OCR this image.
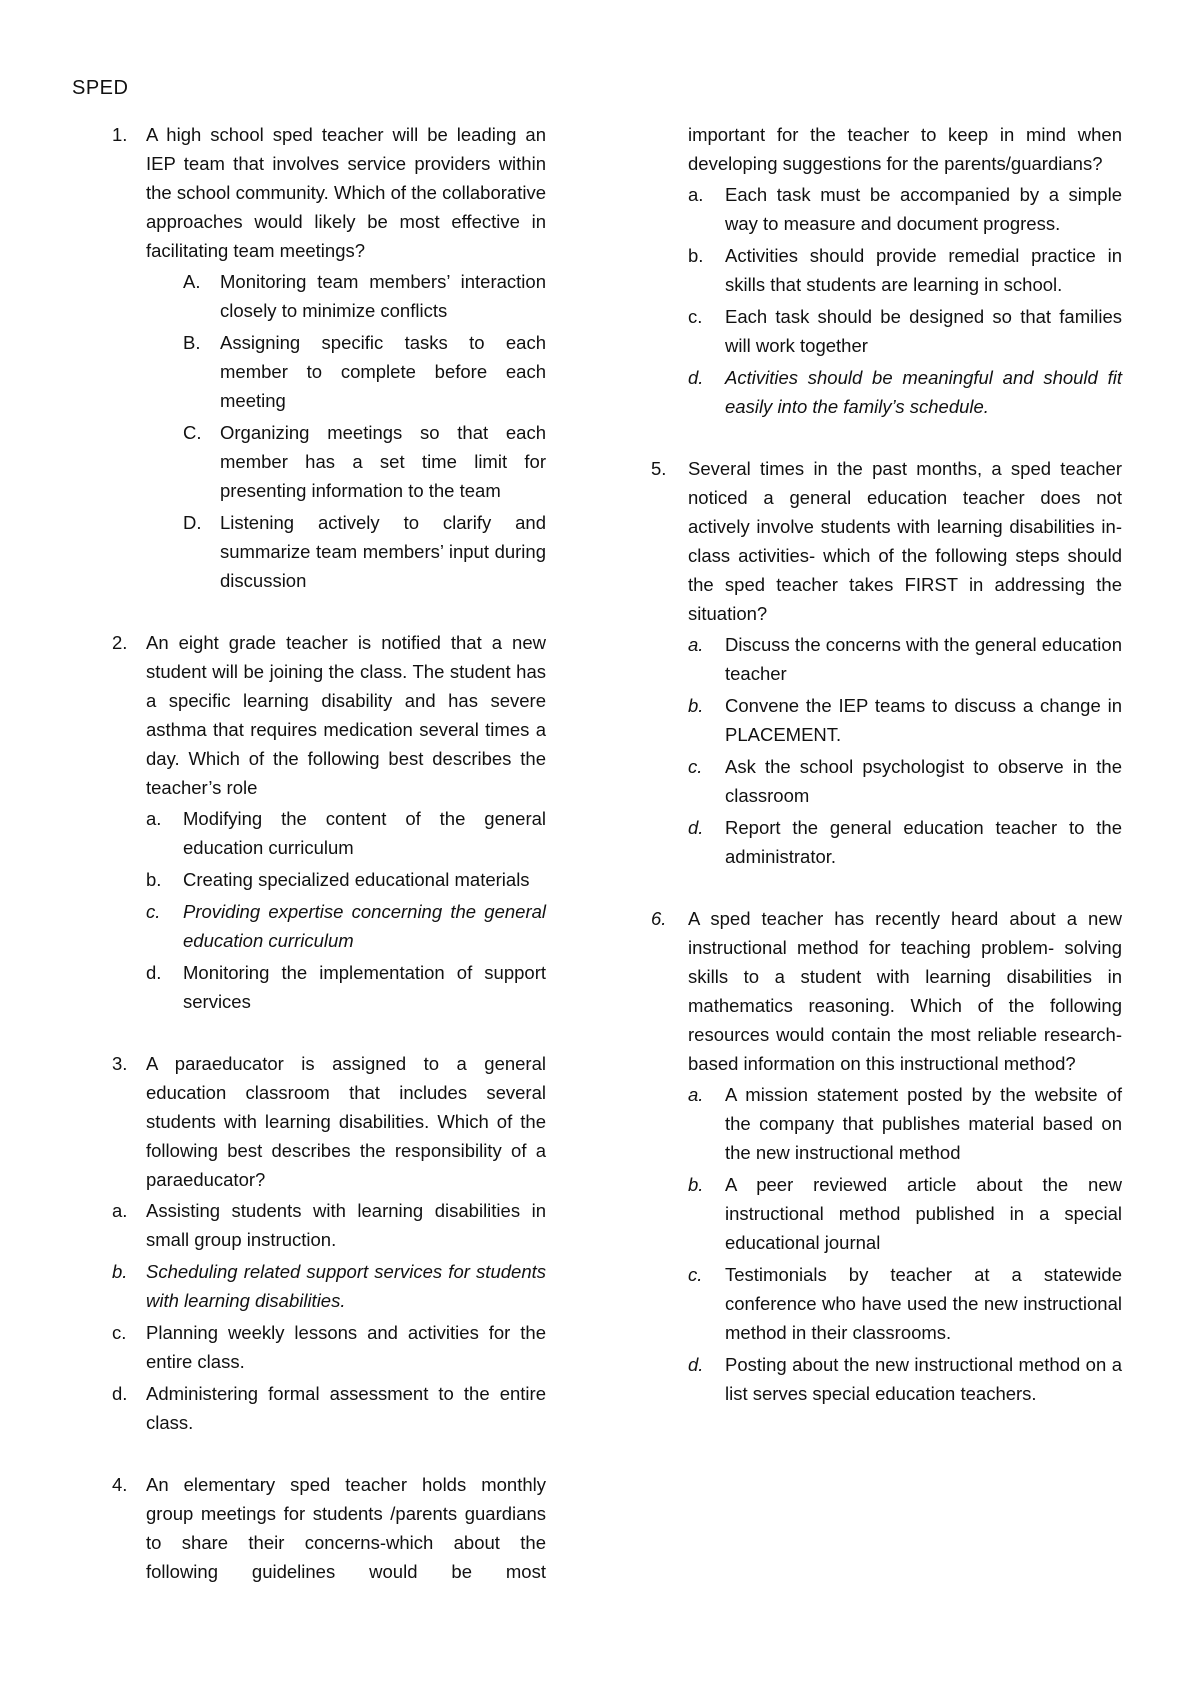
SPED
1. A high school sped teacher will be leading an IEP team that involves service providers within the school community. Which of the collaborative approaches would likely be most effective in facilitating team meetings?
A. Monitoring team members’ interaction closely to minimize conflicts
B. Assigning specific tasks to each member to complete before each meeting
C. Organizing meetings so that each member has a set time limit for presenting information to the team
D. Listening actively to clarify and summarize team members’ input during discussion
2. An eight grade teacher is notified that a new student will be joining the class. The student has a specific learning disability and has severe asthma that requires medication several times a day. Which of the following best describes the teacher’s role
a. Modifying the content of the general education curriculum
b. Creating specialized educational materials
c. Providing expertise concerning the general education curriculum
d. Monitoring the implementation of support services
3. A paraeducator is assigned to a general education classroom that includes several students with learning disabilities. Which of the following best describes the responsibility of a paraeducator?
a. Assisting students with learning disabilities in small group instruction.
b. Scheduling related support services for students with learning disabilities.
c. Planning weekly lessons and activities for the entire class.
d. Administering formal assessment to the entire class.
4. An elementary sped teacher holds monthly group meetings for students /parents guardians to share their concerns-which about the following guidelines would be most
important for the teacher to keep in mind when developing suggestions for the parents/guardians?
a. Each task must be accompanied by a simple way to measure and document progress.
b. Activities should provide remedial practice in skills that students are learning in school.
c. Each task should be designed so that families will work together
d. Activities should be meaningful and should fit easily into the family’s schedule.
5. Several times in the past months, a sped teacher noticed a general education teacher does not actively involve students with learning disabilities in-class activities- which of the following steps should the sped teacher takes FIRST in addressing the situation?
a. Discuss the concerns with the general education teacher
b. Convene the IEP teams to discuss a change in PLACEMENT.
c. Ask the school psychologist to observe in the classroom
d. Report the general education teacher to the administrator.
6. A sped teacher has recently heard about a new instructional method for teaching problem- solving skills to a student with learning disabilities in mathematics reasoning. Which of the following resources would contain the most reliable research-based information on this instructional method?
a. A mission statement posted by the website of the company that publishes material based on the new instructional method
b. A peer reviewed article about the new instructional method published in a special educational journal
c. Testimonials by teacher at a statewide conference who have used the new instructional method in their classrooms.
d. Posting about the new instructional method on a list serves special education teachers.
